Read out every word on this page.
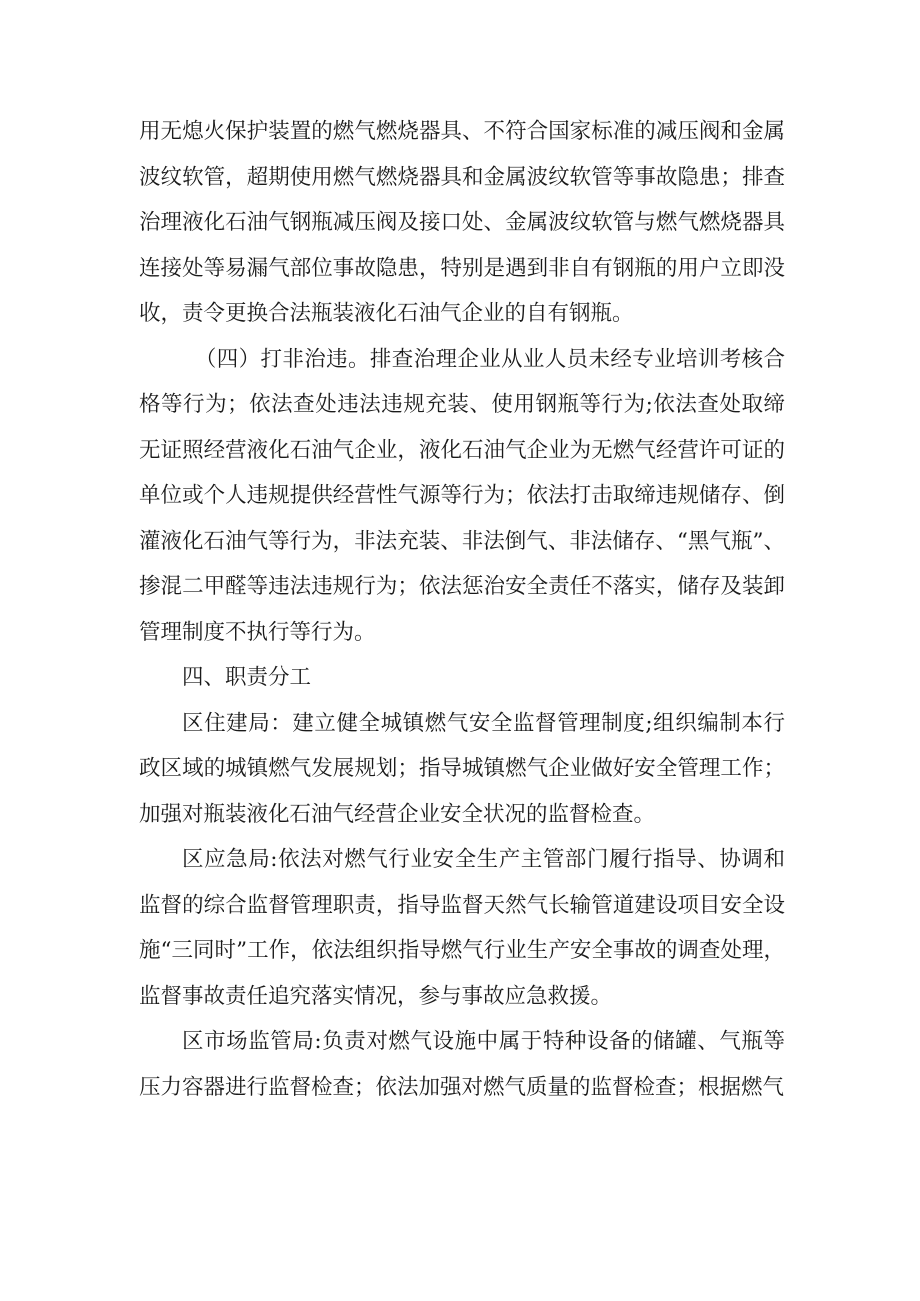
用无熄火保护装置的燃气燃烧器具、不符合国家标准的减压阀和金属波纹软管，超期使用燃气燃烧器具和金属波纹软管等事故隐患；排查治理液化石油气钢瓶减压阀及接口处、金属波纹软管与燃气燃烧器具连接处等易漏气部位事故隐患，特别是遇到非自有钢瓶的用户立即没收，责令更换合法瓶装液化石油气企业的自有钢瓶。

（四）打非治违。排查治理企业从业人员未经专业培训考核合格等行为；依法查处违法违规充装、使用钢瓶等行为;依法查处取缔无证照经营液化石油气企业，液化石油气企业为无燃气经营许可证的单位或个人违规提供经营性气源等行为；依法打击取缔违规储存、倒灌液化石油气等行为，非法充装、非法倒气、非法储存、“黑气瓶”、掺混二甲醛等违法违规行为；依法惩治安全责任不落实，储存及装卸管理制度不执行等行为。

四、职责分工

区住建局：建立健全城镇燃气安全监督管理制度;组织编制本行政区域的城镇燃气发展规划；指导城镇燃气企业做好安全管理工作；加强对瓶装液化石油气经营企业安全状况的监督检查。

区应急局:依法对燃气行业安全生产主管部门履行指导、协调和监督的综合监督管理职责，指导监督天然气长输管道建设项目安全设施“三同时”工作，依法组织指导燃气行业生产安全事故的调查处理，监督事故责任追究落实情况，参与事故应急救援。

区市场监管局:负责对燃气设施中属于特种设备的储罐、气瓶等压力容器进行监督检查；依法加强对燃气质量的监督检查；根据燃气
